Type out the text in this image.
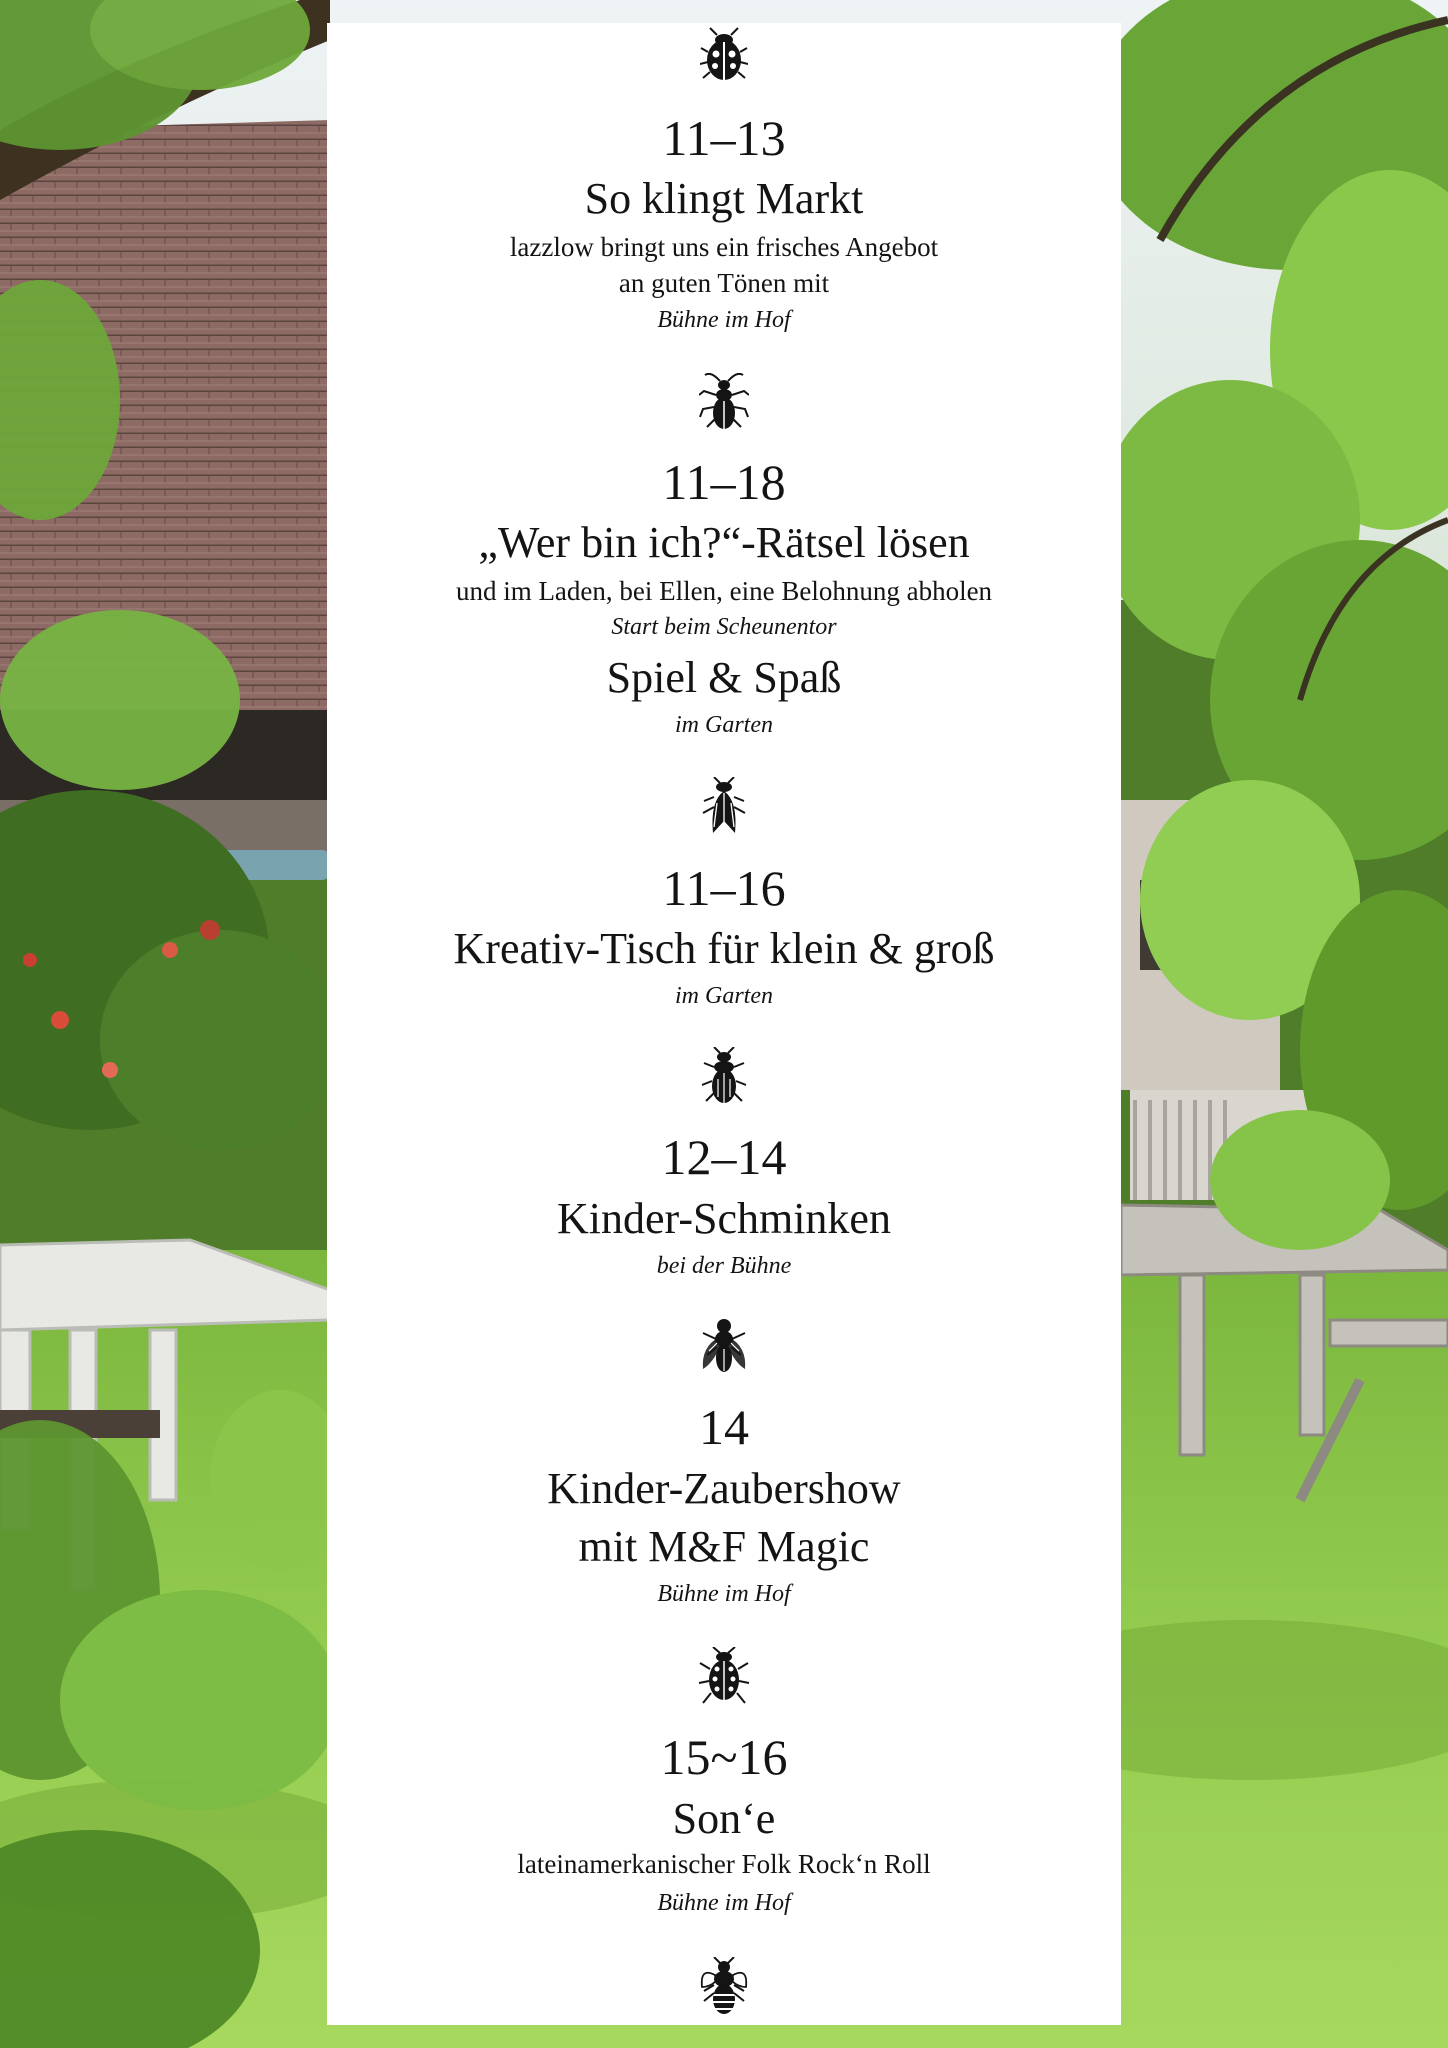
11–13
So klingt Markt
lazzlow bringt uns ein frisches Angebot
an guten Tönen mit
Bühne im Hof
11–18
„Wer bin ich?“-Rätsel lösen
und im Laden, bei Ellen, eine Belohnung abholen
Start beim Scheunentor
Spiel & Spaß
im Garten
11–16
Kreativ-Tisch für klein & groß
im Garten
12–14
Kinder-Schminken
bei der Bühne
14
Kinder-Zaubershow
mit M&F Magic
Bühne im Hof
15~16
Son‘e
lateinamerkanischer Folk Rock‘n Roll
Bühne im Hof
